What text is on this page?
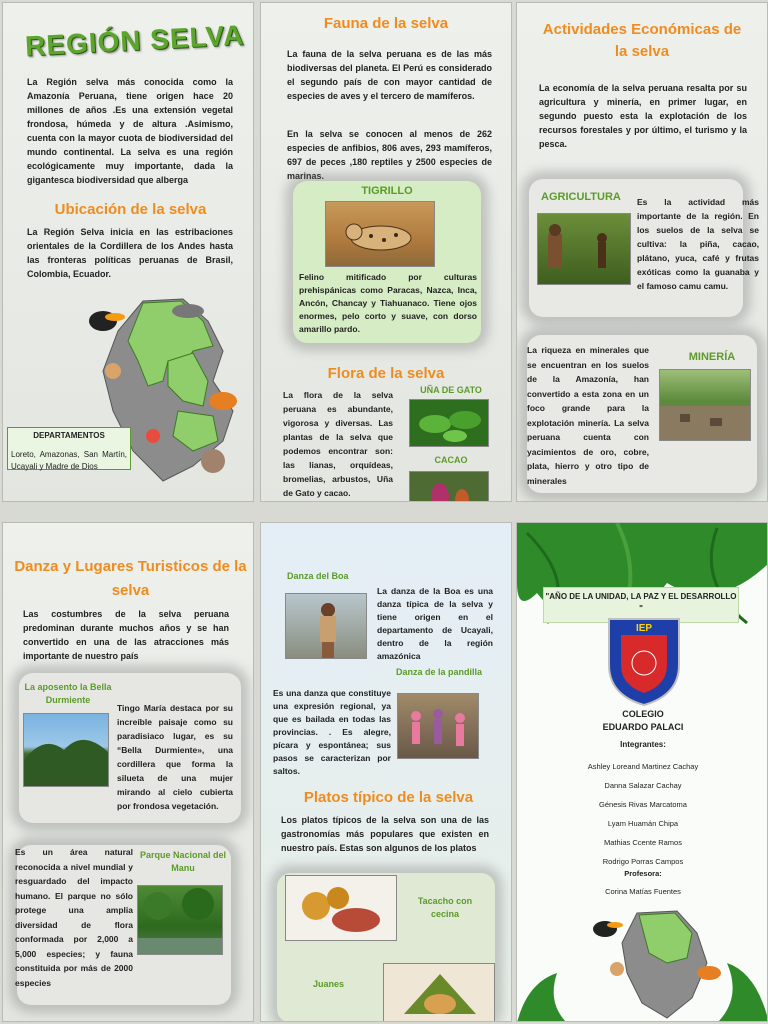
REGIÓN SELVA
La Región selva más conocida como la Amazonía Peruana, tiene origen hace 20 millones de años .Es una extensión vegetal frondosa, húmeda y de altura .Asimismo, cuenta con la mayor cuota de biodiversidad del mundo continental. La selva es una región ecológicamente muy importante, dada la gigantesca biodiversidad que alberga
Ubicación de la selva
La Región Selva inicia en las estribaciones orientales de la Cordillera de los Andes hasta las fronteras políticas peruanas de Brasil, Colombia, Ecuador.
DEPARTAMENTOS
Loreto, Amazonas, San Martín, Ucayali y Madre de Dios
Fauna de la selva
La fauna de la selva peruana es de las más biodiversas del planeta. El Perú es considerado el segundo país de con mayor cantidad de especies de aves y el tercero de mamíferos.
En la selva se conocen al menos de 262 especies de anfibios, 806 aves, 293 mamíferos, 697 de peces ,180 reptiles y 2500 especies de marinas.
TIGRILLO
Felino mitificado por culturas prehispánicas como Paracas, Nazca, Inca, Ancón, Chancay y Tiahuanaco. Tiene ojos enormes, pelo corto y suave, con dorso amarillo pardo.
Flora de la selva
La flora de la selva peruana es abundante, vigorosa y diversas. Las plantas de la selva que podemos encontrar son: las lianas, orquídeas, bromelias, arbustos, Uña de Gato y cacao.
UÑA DE GATO
CACAO
Actividades Económicas de la selva
La economía de la selva peruana resalta por su agricultura y minería, en primer lugar, en segundo puesto esta la explotación de los recursos forestales y por último, el turismo y la pesca.
AGRICULTURA	Es la actividad más importante de la región. En los suelos de la selva se cultiva: la piña, cacao, plátano, yuca, café y frutas exóticas como la guanaba y el famoso camu camu.
La riqueza en minerales que se encuentran en los suelos de la Amazonía, han convertido a esta zona en un foco grande para la explotación minería. La selva peruana cuenta con yacimientos de oro, cobre, plata, hierro y otro tipo de minerales
MINERÍA
Danza y Lugares Turisticos de la selva
Las costumbres de la selva peruana predominan durante muchos años y se han convertido en una de las atracciones más importante de nuestro país
La aposento la Bella Durmiente
Tingo María destaca por su increíble paisaje como su paradisiaco lugar, es su “Bella Durmiente», una cordillera que forma la silueta de una mujer mirando al cielo cubierta por frondosa vegetación.
Es un área natural reconocida a nivel mundial y resguardado del impacto humano. El parque no sólo protege una amplia diversidad de flora conformada por 2,000 a 5,000 especies; y fauna constituida por más de 2000 especies
Parque Nacional del Manu
Danza del Boa
La danza de la Boa es una danza típica de la selva y tiene origen en el departamento de Ucayali, dentro de la región amazónica
Danza de la pandilla
Es una danza que constituye una expresión regional, ya que es bailada en todas las provincias. . Es alegre, pícara y espontánea; sus pasos se caracterizan por saltos.
Platos típico de la selva
Los platos típicos de la selva son una de las gastronomías más populares que existen en nuestro país. Estas son algunos de los platos
Tacacho con cecina
Juanes
"AÑO DE LA UNIDAD, LA PAZ Y EL DESARROLLO "
IEP
COLEGIO
EDUARDO PALACI
Integrantes:
Ashley Loreand Martinez Cachay
Danna Salazar Cachay
Génesis Rivas Marcatoma
Lyam Huamán Chipa
Mathias Ccente Ramos
Rodrigo Porras Campos
Profesora:
Corina Matías Fuentes
